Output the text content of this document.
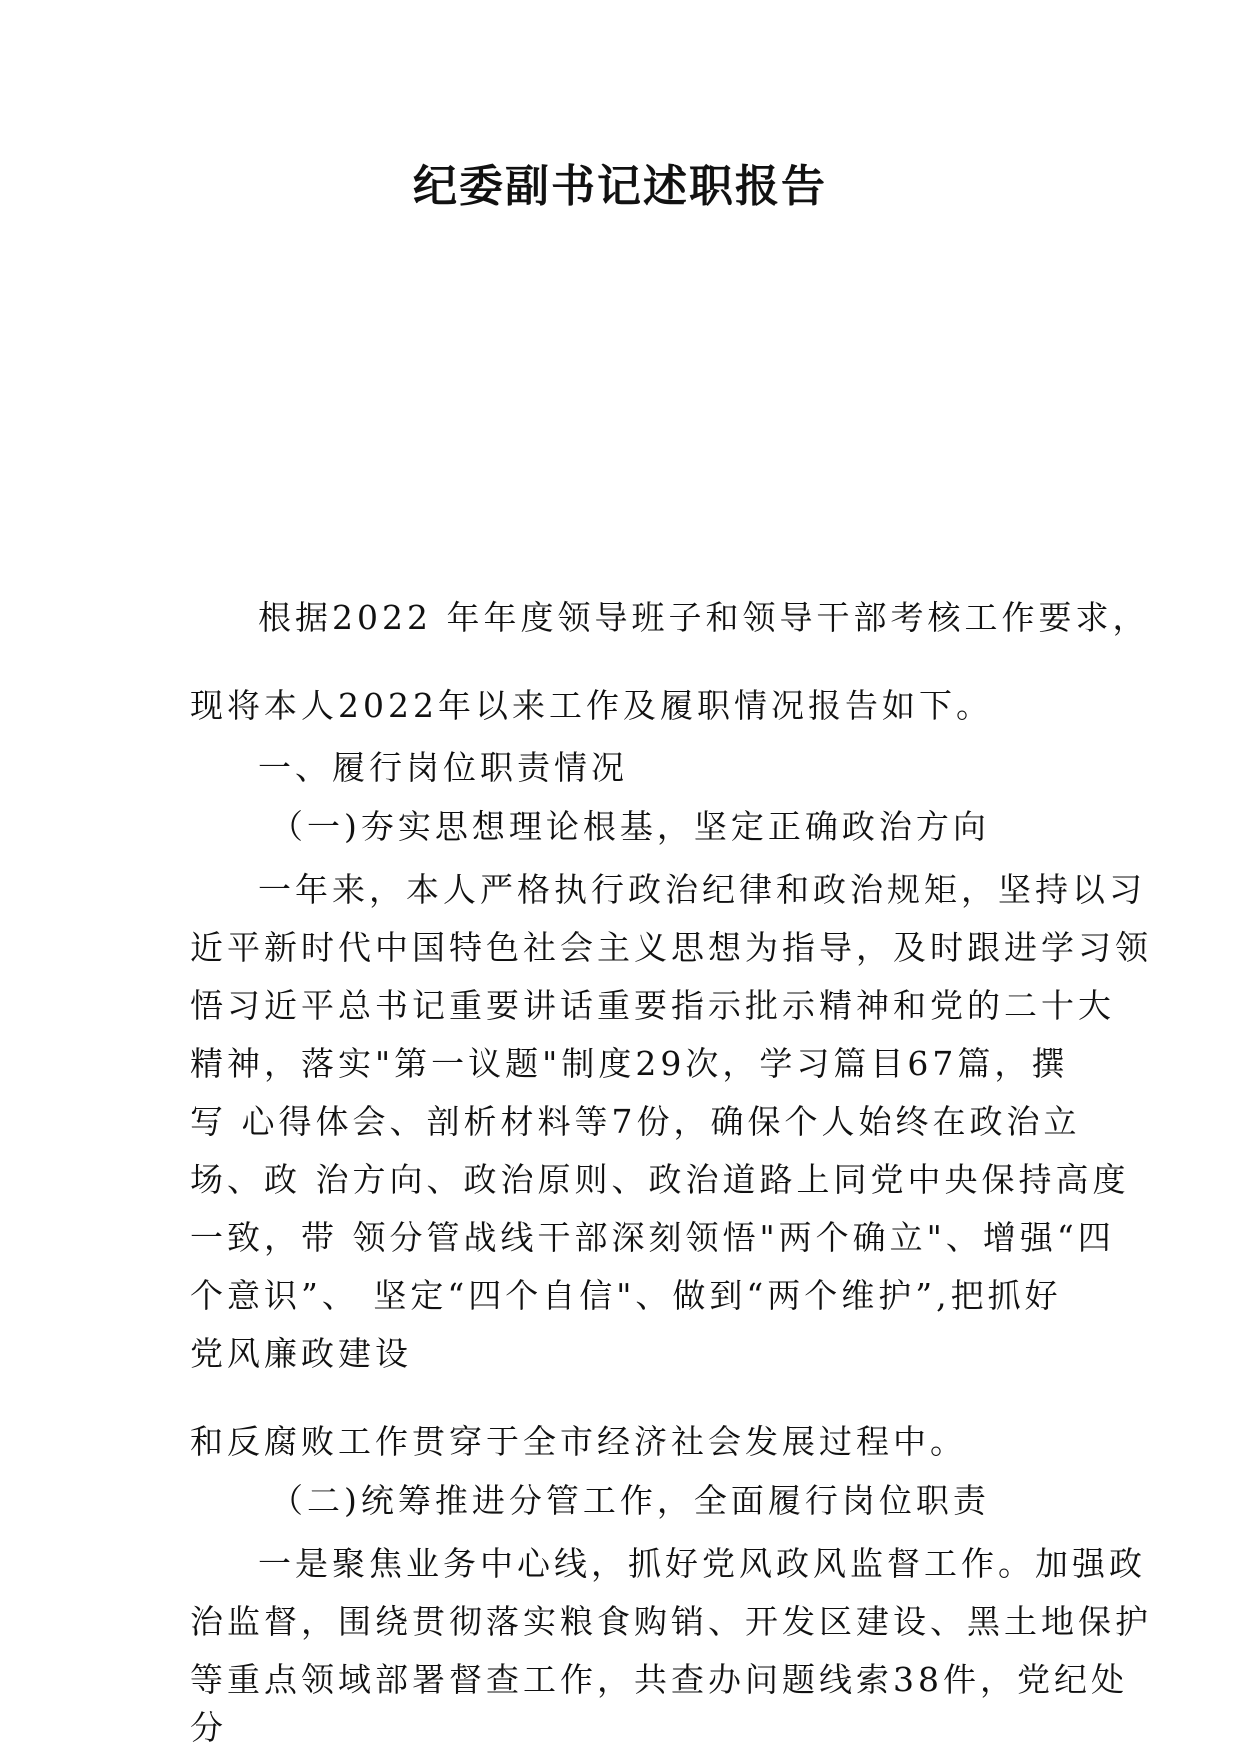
纪委副书记述职报告

根据2022 年年度领导班子和领导干部考核工作要求，

现将本人2022年以来工作及履职情况报告如下。

一、履行岗位职责情况

（一)夯实思想理论根基，坚定正确政治方向

一年来，本人严格执行政治纪律和政治规矩，坚持以习

近平新时代中国特色社会主义思想为指导，及时跟进学习领

悟习近平总书记重要讲话重要指示批示精神和党的二十大

精神，落实"第一议题"制度29次，学习篇目67篇，撰

写 心得体会、剖析材料等7份，确保个人始终在政治立

场、政 治方向、政治原则、政治道路上同党中央保持高度

一致，带 领分管战线干部深刻领悟"两个确立"、增强“四

个意识”、 坚定“四个自信"、做到“两个维护”,把抓好

党风廉政建设

和反腐败工作贯穿于全市经济社会发展过程中。

（二)统筹推进分管工作，全面履行岗位职责

一是聚焦业务中心线，抓好党风政风监督工作。加强政

治监督，围绕贯彻落实粮食购销、开发区建设、黑土地保护

等重点领域部署督查工作，共查办问题线索38件，党纪处

分
